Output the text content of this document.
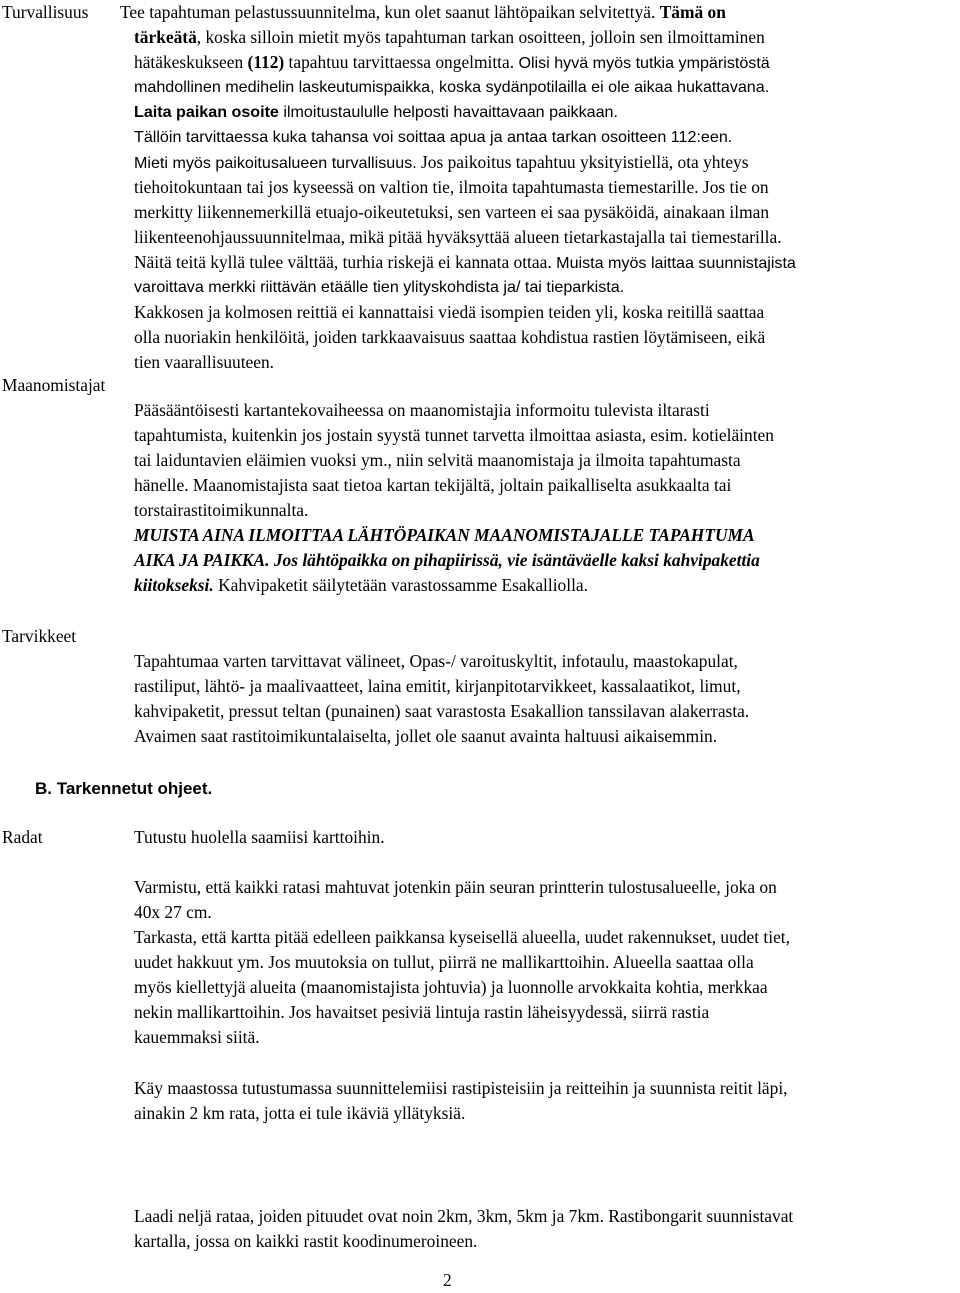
Turvallisuus
Maanomistajat
Tarvikkeet
Radat
Tee tapahtuman pelastussuunnitelma, kun olet saanut lähtöpaikan selvitettyä. Tämä on
tärkeätä, koska silloin mietit myös tapahtuman tarkan osoitteen, jolloin sen ilmoittaminen
hätäkeskukseen (112) tapahtuu tarvittaessa ongelmitta. Olisi hyvä myös tutkia ympäristöstä
mahdollinen medihelin laskeutumispaikka, koska sydänpotilailla ei ole aikaa hukattavana.
Laita paikan osoite ilmoitustaululle helposti havaittavaan paikkaan.
Tällöin tarvittaessa kuka tahansa voi soittaa apua ja antaa tarkan osoitteen 112:een.
Mieti myös paikoitusalueen turvallisuus. Jos paikoitus tapahtuu yksityistiellä, ota yhteys
tiehoitokuntaan tai jos kyseessä on valtion tie, ilmoita tapahtumasta tiemestarille. Jos tie on
merkitty liikennemerkillä etuajo-oikeutetuksi, sen varteen ei saa pysäköidä, ainakaan ilman
liikenteenohjaussuunnitelmaa, mikä pitää hyväksyttää alueen tietarkastajalla tai tiemestarilla.
Näitä teitä kyllä tulee välttää, turhia riskejä ei kannata ottaa. Muista myös laittaa suunnistajista
varoittava merkki riittävän etäälle tien ylityskohdista ja/ tai tieparkista.
Kakkosen ja kolmosen reittiä ei kannattaisi viedä isompien teiden yli, koska reitillä saattaa
olla nuoriakin henkilöitä, joiden tarkkaavaisuus saattaa kohdistua rastien löytämiseen, eikä
tien vaarallisuuteen.
Pääsääntöisesti kartantekovaiheessa on maanomistajia informoitu tulevista iltarasti
tapahtumista, kuitenkin jos jostain syystä tunnet tarvetta ilmoittaa asiasta, esim. kotieläinten
tai laiduntavien eläimien vuoksi ym., niin selvitä maanomistaja ja ilmoita tapahtumasta
hänelle. Maanomistajista saat tietoa kartan tekijältä, joltain paikalliselta asukkaalta tai
torstairastitoimikunnalta.
MUISTA AINA ILMOITTAA LÄHTÖPAIKAN MAANOMISTAJALLE TAPAHTUMA
AIKA JA PAIKKA. Jos lähtöpaikka on pihapiirissä, vie isäntäväelle kaksi kahvipakettia
kiitokseksi. Kahvipaketit säilytetään varastossamme Esakalliolla.
Tapahtumaa varten tarvittavat välineet, Opas-/ varoituskyltit, infotaulu, maastokapulat,
rastiliput, lähtö- ja maalivaatteet, laina emitit, kirjanpitotarvikkeet, kassalaatikot, limut,
kahvipaketit, pressut teltan (punainen) saat varastosta Esakallion tanssilavan alakerrasta.
Avaimen saat rastitoimikuntalaiselta, jollet ole saanut avainta haltuusi aikaisemmin.
B. Tarkennetut ohjeet.
Tutustu huolella saamiisi karttoihin.
Varmistu, että kaikki ratasi mahtuvat jotenkin päin seuran printterin tulostusalueelle, joka on
40x 27 cm.
Tarkasta, että kartta pitää edelleen paikkansa kyseisellä alueella, uudet rakennukset, uudet tiet,
uudet hakkuut ym. Jos muutoksia on tullut, piirrä ne mallikarttoihin. Alueella saattaa olla
myös kiellettyjä alueita (maanomistajista johtuvia) ja luonnolle arvokkaita kohtia, merkkaa
nekin mallikarttoihin. Jos havaitset pesiviä lintuja rastin läheisyydessä, siirrä rastia
kauemmaksi siitä.
Käy maastossa tutustumassa suunnittelemiisi rastipisteisiin ja reitteihin ja suunnista reitit läpi,
ainakin 2 km rata, jotta ei tule ikäviä yllätyksiä.
Laadi neljä rataa, joiden pituudet ovat noin 2km, 3km, 5km ja 7km. Rastibongarit suunnistavat
kartalla, jossa on kaikki rastit koodinumeroineen.
2
